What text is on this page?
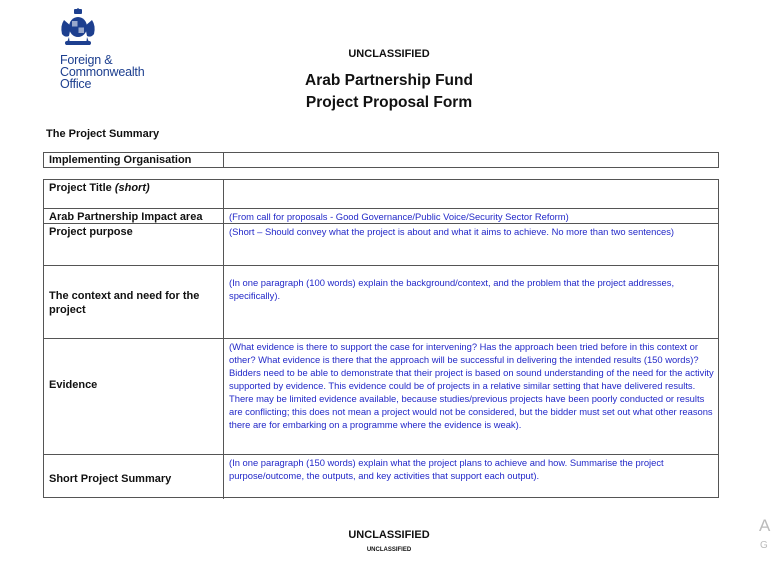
Foreign &
Commonwealth
Office
UNCLASSIFIED
Arab Partnership Fund
Project Proposal Form
The Project Summary
Implementing Organisation
Project Title (short)
Arab Partnership Impact area	(From call for proposals - Good Governance/Public Voice/Security Sector Reform)
Project purpose	(Short – Should convey what the project is about and what it aims to achieve. No more than two sentences)
The context and need for the project
(In one paragraph (100 words) explain the background/context, and the problem that the project addresses, specifically).
Evidence
(What evidence is there to support the case for intervening? Has the approach been tried before in this context or other? What evidence is there that the approach will be successful in delivering the intended results (150 words)? Bidders need to be able to demonstrate that their project is based on sound understanding of the need for the activity supported by evidence. This evidence could be of projects in a relative similar setting that have delivered results. There may be limited evidence available, because studies/previous projects have been poorly conducted or results are conflicting; this does not mean a project would not be considered, but the bidder must set out what other reasons there are for embarking on a programme where the evidence is weak).
Short Project Summary
(In one paragraph (150 words) explain what the project plans to achieve and how. Summarise the project purpose/outcome, the outputs, and key activities that support each output).
UNCLASSIFIED
UNCLASSIFIED
A
G
